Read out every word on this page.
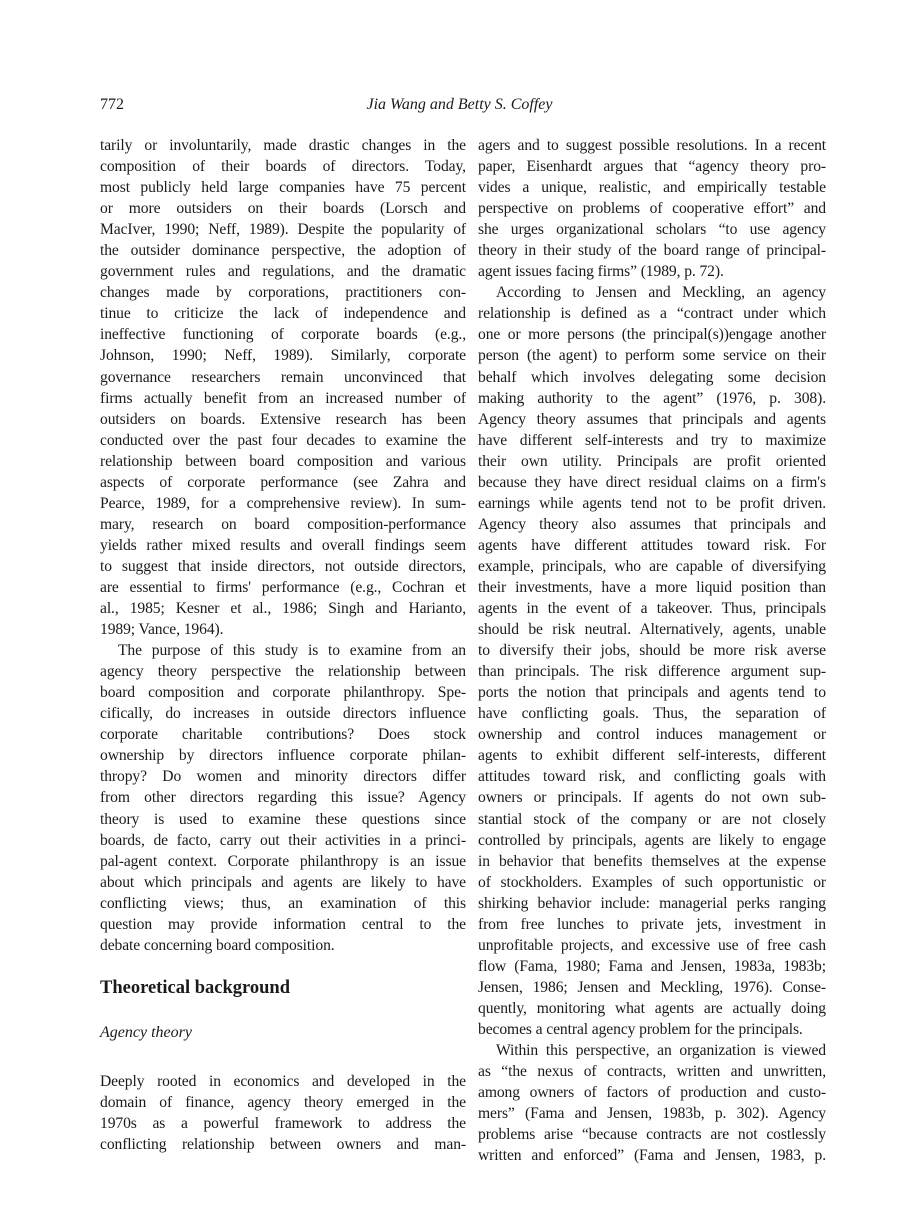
772	Jia Wang and Betty S. Coffey
tarily or involuntarily, made drastic changes in the
composition of their boards of directors. Today,
most publicly held large companies have 75 percent
or more outsiders on their boards (Lorsch and
MacIver, 1990; Neff, 1989). Despite the popularity of
the outsider dominance perspective, the adoption of
government rules and regulations, and the dramatic
changes made by corporations, practitioners con-
tinue to criticize the lack of independence and
ineffective functioning of corporate boards (e.g.,
Johnson, 1990; Neff, 1989). Similarly, corporate
governance researchers remain unconvinced that
firms actually benefit from an increased number of
outsiders on boards. Extensive research has been
conducted over the past four decades to examine the
relationship between board composition and various
aspects of corporate performance (see Zahra and
Pearce, 1989, for a comprehensive review). In sum-
mary, research on board composition-performance
yields rather mixed results and overall findings seem
to suggest that inside directors, not outside directors,
are essential to firms' performance (e.g., Cochran et
al., 1985; Kesner et al., 1986; Singh and Harianto,
1989; Vance, 1964).
The purpose of this study is to examine from an
agency theory perspective the relationship between
board composition and corporate philanthropy. Spe-
cifically, do increases in outside directors influence
corporate charitable contributions? Does stock
ownership by directors influence corporate philan-
thropy? Do women and minority directors differ
from other directors regarding this issue? Agency
theory is used to examine these questions since
boards, de facto, carry out their activities in a princi-
pal-agent context. Corporate philanthropy is an issue
about which principals and agents are likely to have
conflicting views; thus, an examination of this
question may provide information central to the
debate concerning board composition.
Theoretical background
Agency theory
Deeply rooted in economics and developed in the
domain of finance, agency theory emerged in the
1970s as a powerful framework to address the
conflicting relationship between owners and man-
agers and to suggest possible resolutions. In a recent
paper, Eisenhardt argues that “agency theory pro-
vides a unique, realistic, and empirically testable
perspective on problems of cooperative effort” and
she urges organizational scholars “to use agency
theory in their study of the board range of principal-
agent issues facing firms” (1989, p. 72).
According to Jensen and Meckling, an agency
relationship is defined as a “contract under which
one or more persons (the principal(s))engage another
person (the agent) to perform some service on their
behalf which involves delegating some decision
making authority to the agent” (1976, p. 308).
Agency theory assumes that principals and agents
have different self-interests and try to maximize
their own utility. Principals are profit oriented
because they have direct residual claims on a firm's
earnings while agents tend not to be profit driven.
Agency theory also assumes that principals and
agents have different attitudes toward risk. For
example, principals, who are capable of diversifying
their investments, have a more liquid position than
agents in the event of a takeover. Thus, principals
should be risk neutral. Alternatively, agents, unable
to diversify their jobs, should be more risk averse
than principals. The risk difference argument sup-
ports the notion that principals and agents tend to
have conflicting goals. Thus, the separation of
ownership and control induces management or
agents to exhibit different self-interests, different
attitudes toward risk, and conflicting goals with
owners or principals. If agents do not own sub-
stantial stock of the company or are not closely
controlled by principals, agents are likely to engage
in behavior that benefits themselves at the expense
of stockholders. Examples of such opportunistic or
shirking behavior include: managerial perks ranging
from free lunches to private jets, investment in
unprofitable projects, and excessive use of free cash
flow (Fama, 1980; Fama and Jensen, 1983a, 1983b;
Jensen, 1986; Jensen and Meckling, 1976). Conse-
quently, monitoring what agents are actually doing
becomes a central agency problem for the principals.
Within this perspective, an organization is viewed
as “the nexus of contracts, written and unwritten,
among owners of factors of production and custo-
mers” (Fama and Jensen, 1983b, p. 302). Agency
problems arise “because contracts are not costlessly
written and enforced” (Fama and Jensen, 1983, p.
